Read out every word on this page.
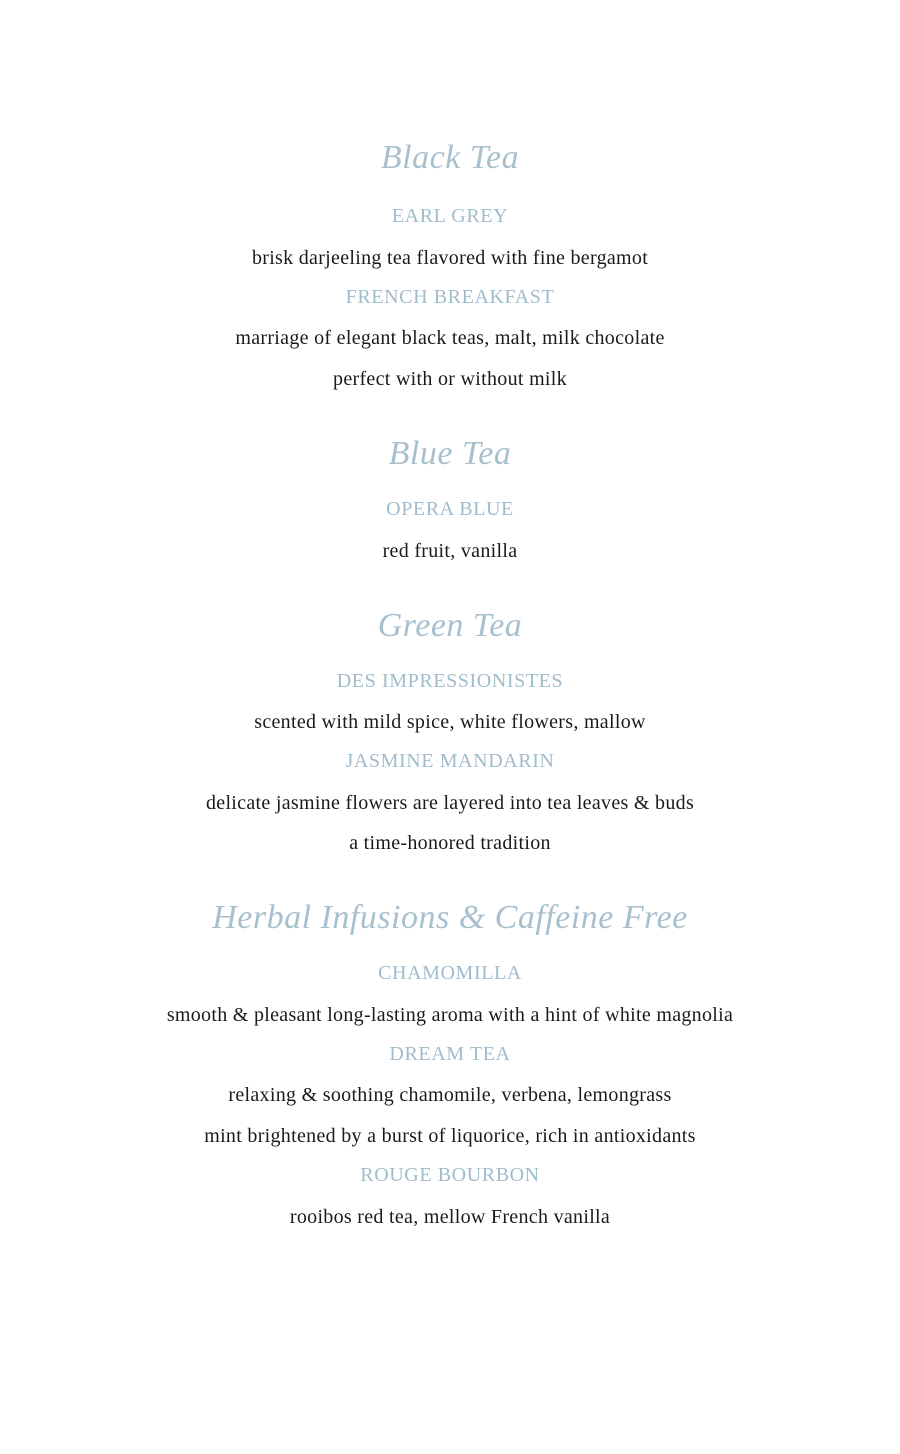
Black Tea
EARL GREY
brisk darjeeling tea flavored with fine bergamot
FRENCH BREAKFAST
marriage of elegant black teas, malt, milk chocolate
perfect with or without milk
Blue Tea
OPERA BLUE
red fruit, vanilla
Green Tea
DES IMPRESSIONISTES
scented with mild spice, white flowers, mallow
JASMINE MANDARIN
delicate jasmine flowers are layered into tea leaves & buds
a time-honored tradition
Herbal Infusions & Caffeine Free
CHAMOMILLA
smooth & pleasant long-lasting aroma with a hint of white magnolia
DREAM TEA
relaxing & soothing chamomile, verbena, lemongrass
mint brightened by a burst of liquorice, rich in antioxidants
ROUGE BOURBON
rooibos red tea, mellow French vanilla
